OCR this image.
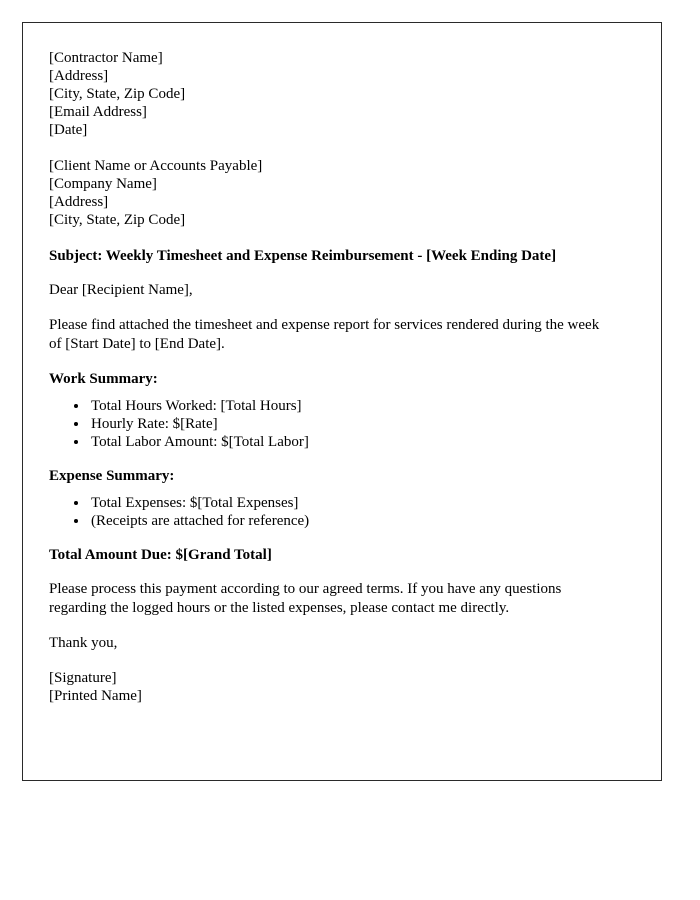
[Contractor Name]
[Address]
[City, State, Zip Code]
[Email Address]
[Date]
[Client Name or Accounts Payable]
[Company Name]
[Address]
[City, State, Zip Code]
Subject: Weekly Timesheet and Expense Reimbursement - [Week Ending Date]
Dear [Recipient Name],
Please find attached the timesheet and expense report for services rendered during the week of [Start Date] to [End Date].
Work Summary:
• Total Hours Worked: [Total Hours]
• Hourly Rate: $[Rate]
• Total Labor Amount: $[Total Labor]
Expense Summary:
• Total Expenses: $[Total Expenses]
• (Receipts are attached for reference)
Total Amount Due: $[Grand Total]
Please process this payment according to our agreed terms. If you have any questions regarding the logged hours or the listed expenses, please contact me directly.
Thank you,
[Signature]
[Printed Name]
